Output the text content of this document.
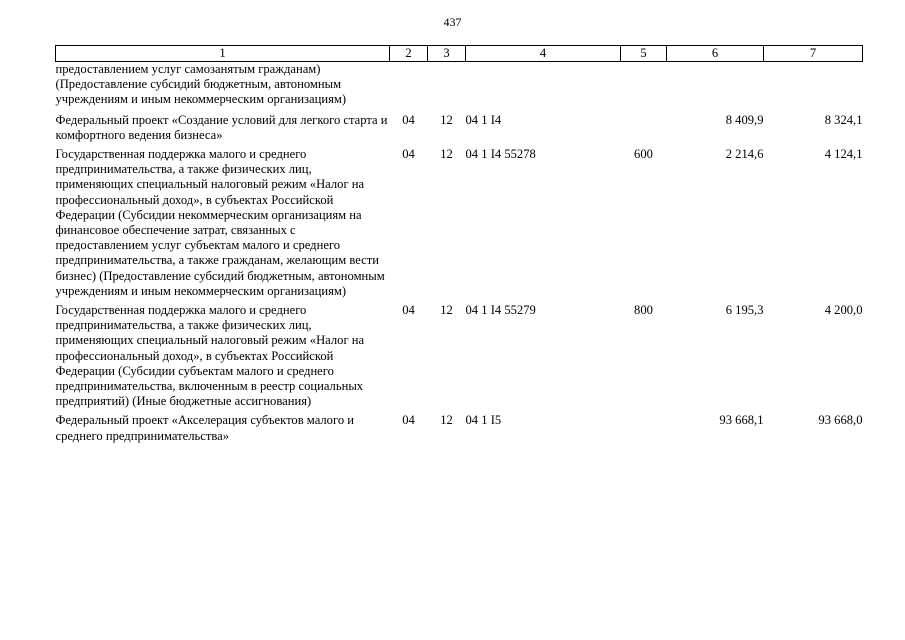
437
1	2	3	4	5	6	7
предоставлением услуг самозанятым гражданам) (Предоставление субсидий бюджетным, автономным учреждениям и иным некоммерческим организациям)						
Федеральный проект «Создание условий для легкого старта и комфортного ведения бизнеса»	04	12	04 1 I4		8 409,9	8 324,1
Государственная поддержка малого и среднего предпринимательства, а также физических лиц, применяющих специальный налоговый режим «Налог на профессиональный доход», в субъектах Российской Федерации (Субсидии некоммерческим организациям на финансовое обеспечение затрат, связанных с предоставлением услуг субъектам малого и среднего предпринимательства, а также гражданам, желающим вести бизнес) (Предоставление субсидий бюджетным, автономным учреждениям и иным некоммерческим организациям)	04	12	04 1 I4 55278	600	2 214,6	4 124,1
Государственная поддержка малого и среднего предпринимательства, а также физических лиц, применяющих специальный налоговый режим «Налог на профессиональный доход», в субъектах Российской Федерации (Субсидии субъектам малого и среднего предпринимательства, включенным в реестр социальных предприятий) (Иные бюджетные ассигнования)	04	12	04 1 I4 55279	800	6 195,3	4 200,0
Федеральный проект «Акселерация субъектов малого и среднего предпринимательства»	04	12	04 1 I5		93 668,1	93 668,0
